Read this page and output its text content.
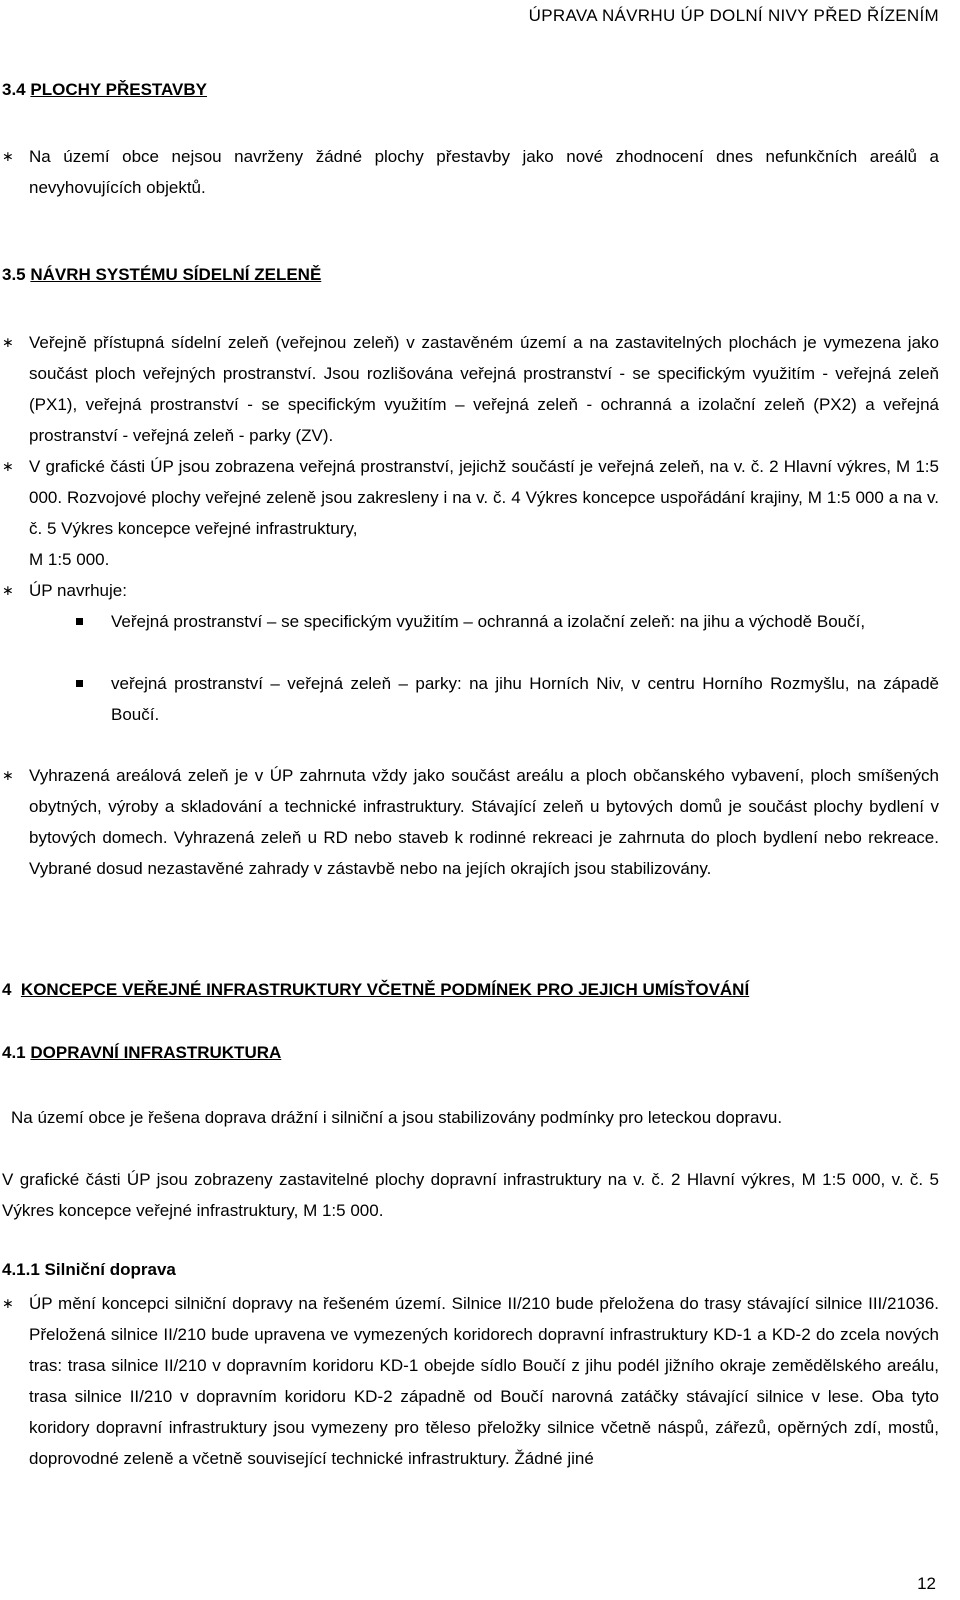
ÚPRAVA NÁVRHU ÚP DOLNÍ NIVY PŘED ŘÍZENÍM
3.4 PLOCHY PŘESTAVBY
∗ Na území obce nejsou navrženy žádné plochy přestavby jako nové zhodnocení dnes nefunkčních areálů a nevyhovujících objektů.
3.5 NÁVRH SYSTÉMU SÍDELNÍ ZELENĚ
∗ Veřejně přístupná sídelní zeleň (veřejnou zeleň) v zastavěném území a na zastavitelných plochách je vymezena jako součást ploch veřejných prostranství. Jsou rozlišována veřejná prostranství - se specifickým využitím - veřejná zeleň (PX1), veřejná prostranství - se specifickým využitím – veřejná zeleň - ochranná a izolační zeleň (PX2) a veřejná prostranství - veřejná zeleň - parky (ZV).
∗ V grafické části ÚP jsou zobrazena veřejná prostranství, jejichž součástí je veřejná zeleň, na v. č. 2 Hlavní výkres, M 1:5 000. Rozvojové plochy veřejné zeleně jsou zakresleny i na v. č. 4 Výkres koncepce uspořádání krajiny, M 1:5 000 a na v. č. 5 Výkres koncepce veřejné infrastruktury,
M 1:5 000.
∗ ÚP navrhuje:
Veřejná prostranství – se specifickým využitím – ochranná a izolační zeleň: na jihu a východě Boučí,
veřejná prostranství – veřejná zeleň – parky: na jihu Horních Niv, v centru Horního Rozmyšlu, na západě Boučí.
∗ Vyhrazená areálová zeleň je v ÚP zahrnuta vždy jako součást areálu a ploch občanského vybavení, ploch smíšených obytných, výroby a skladování a technické infrastruktury. Stávající zeleň u bytových domů je součást plochy bydlení v bytových domech. Vyhrazená zeleň u RD nebo staveb k rodinné rekreaci je zahrnuta do ploch bydlení nebo rekreace. Vybrané dosud nezastavěné zahrady v zástavbě nebo na jejích okrajích jsou stabilizovány.
4 KONCEPCE VEŘEJNÉ INFRASTRUKTURY VČETNĚ PODMÍNEK PRO JEJICH UMÍSŤOVÁNÍ
4.1 DOPRAVNÍ INFRASTRUKTURA
Na území obce je řešena doprava drážní i silniční a jsou stabilizovány podmínky pro leteckou dopravu.
V grafické části ÚP jsou zobrazeny zastavitelné plochy dopravní infrastruktury na v. č. 2 Hlavní výkres, M 1:5 000, v. č. 5 Výkres koncepce veřejné infrastruktury, M 1:5 000.
4.1.1 Silniční doprava
∗ ÚP mění koncepci silniční dopravy na řešeném území. Silnice II/210 bude přeložena do trasy stávající silnice III/21036. Přeložená silnice II/210 bude upravena ve vymezených koridorech dopravní infrastruktury KD-1 a KD-2 do zcela nových tras: trasa silnice II/210 v dopravním koridoru KD-1 obejde sídlo Boučí z jihu podél jižního okraje zemědělského areálu, trasa silnice II/210 v dopravním koridoru KD-2 západně od Boučí narovná zatáčky stávající silnice v lese. Oba tyto koridory dopravní infrastruktury jsou vymezeny pro těleso přeložky silnice včetně náspů, zářezů, opěrných zdí, mostů, doprovodné zeleně a včetně související technické infrastruktury. Žádné jiné
12
